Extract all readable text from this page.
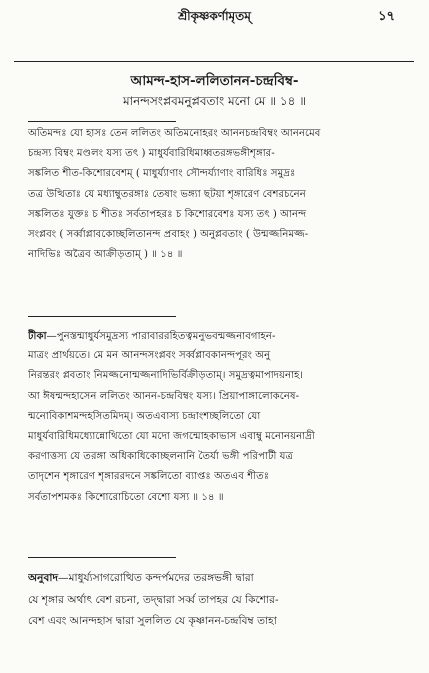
শ্রীকৃষ্ণকর্ণামৃতম্	১৭
আমন্দ-হাস-ললিতানন-চন্দ্রবিম্ব-
মানন্দসংপ্লবমনুপ্লবতাং মনো মে ॥ ১৪ ॥
অতিমন্দঃ যো হাসঃ তেন ললিতং অতিমনোহরং আননচন্দ্রবিম্বং আননমেব
চন্দ্রস্য বিম্বং মণ্ডলং যস্য তৎ ) মাধুর্যবারিধিমাধ্বতরঙ্গভঙ্গীশৃঙ্গার-
সঙ্কলিত শীত-কিশোরবেশম্ ( মাধুর্য্যাণাং সৌন্দর্য্যাণাং বারিধিঃ সমুদ্রঃ
তত্র উত্থিতাঃ যে মধ্যাম্বুতরঙ্গাঃ তেষাং ভঙ্গ্যা ছটয়া শৃঙ্গারেণ বেশরচনেন
সঙ্কলিতঃ যুক্তঃ চ শীতঃ সর্বতাপহরঃ চ কিশোরবেশঃ যস্য তৎ ) আনন্দ
সংপ্লবং ( সর্ব্বাপ্লাবকোচ্ছলিতানন্দ প্রবাহং ) অনুপ্লবতাং ( উন্মজ্জনিমজ্জ-
নাদিভিঃ অত্রৈব আক্রীড়তাম্ ) ॥ ১৪ ॥
টীকা—পুনস্তন্মাধুর্যসমুদ্রস্য পারাবাররহিতত্বমনুভবন্মজ্জনাবগাহন-
মাত্রং প্রার্থয়তে। মে মন আনন্দসংপ্লবং সর্ব্বপ্লাবকানন্দপূরং অনু
নিরন্তরং প্লবতাং নিমজ্জনোন্মজ্জনাদিভির্বিক্রীড়তাম্। সমুদ্রত্বমাপাদয়নাহ।
আ ঈষন্মন্দহাসেন ললিতং আনন-চন্দ্রবিম্বং যস্য। প্রিয়াপাঙ্গালোকনেষ-
ন্মনোবিকাশমন্দহসিতমিদম্। অতএবাস্য চন্দ্রাংশচ্ছলিতো যো
মাধুর্যবারিধিমধ্যোন্নোথিতো যো মদো জগন্মোহকাভাস এবাম্বু মনোনয়নাদ্রী
করণাত্তস্য যে তরঙ্গা অধিকাধিকোচ্ছলনানি তৈর্যা ভঙ্গী পরিপাটী যত্র
তাদৃশেন শৃঙ্গারেণ শৃঙ্গাররদনে সঙ্কলিতো ব্যাপ্তঃ অতএব শীতঃ
সর্বতাপশমকঃ কিশোরোচিতো বেশো যস্য ॥ ১৪ ॥
অনুবাদ—মাধুর্য্যসাগরোত্থিত কন্দর্পমদের তরঙ্গভঙ্গী দ্বারা
যে শৃঙ্গার অর্থাৎ বেশ রচনা, তদ্দ্বারা সর্ব্ব তাপহর যে কিশোর-
বেশ এবং আনন্দহাস দ্বারা সুললিত যে কৃষ্ণানন-চন্দ্রবিম্ব তাহা
